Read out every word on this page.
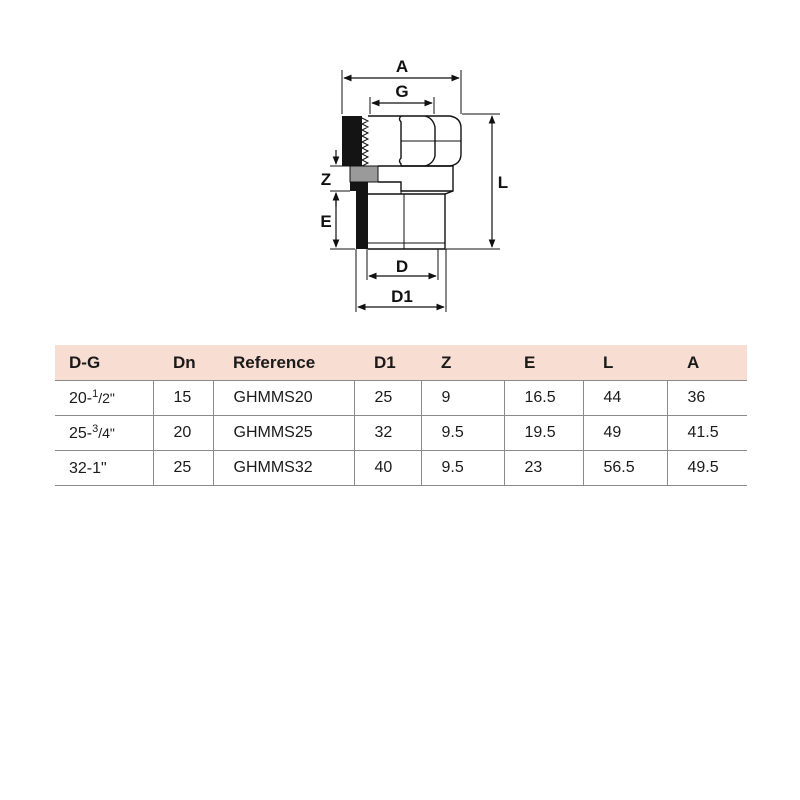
A
G
L
Z
E
D
D1
D-G	Dn	Reference	D1	Z	E	L	A
20-$^1$/2"	15	GHMMS20	25	9	16.5	44	36
25-$^3$/4"	20	GHMMS25	32	9.5	19.5	49	41.5
32-1"	25	GHMMS32	40	9.5	23	56.5	49.5
